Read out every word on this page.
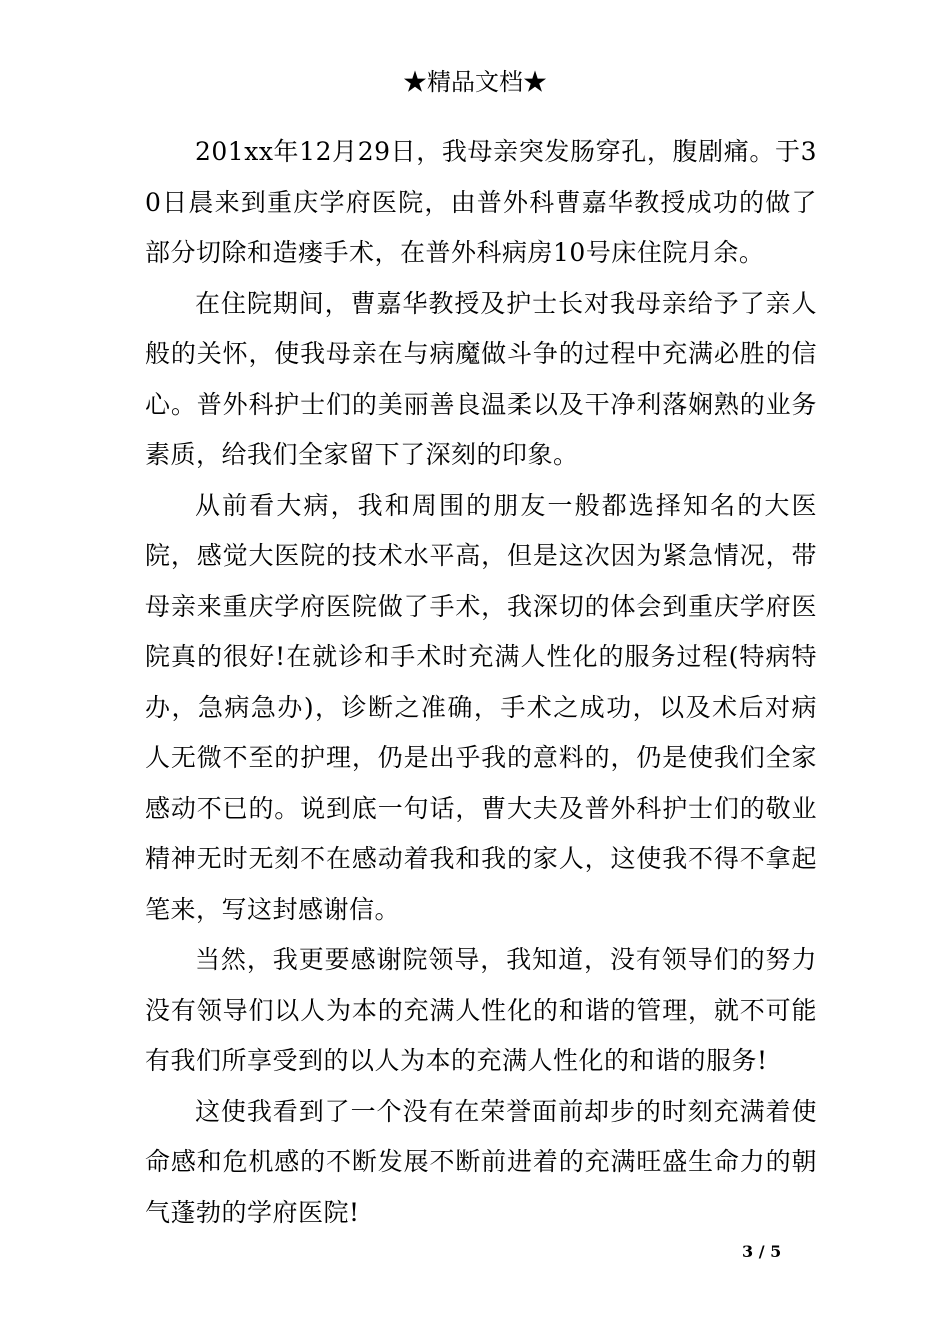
★精品文档★

201xx年12月29日，我母亲突发肠穿孔，腹剧痛。于30日晨来到重庆学府医院，由普外科曹嘉华教授成功的做了部分切除和造瘘手术，在普外科病房10号床住院月余。

在住院期间，曹嘉华教授及护士长对我母亲给予了亲人般的关怀，使我母亲在与病魔做斗争的过程中充满必胜的信心。普外科护士们的美丽善良温柔以及干净利落娴熟的业务素质，给我们全家留下了深刻的印象。

从前看大病，我和周围的朋友一般都选择知名的大医院，感觉大医院的技术水平高，但是这次因为紧急情况，带母亲来重庆学府医院做了手术，我深切的体会到重庆学府医院真的很好!在就诊和手术时充满人性化的服务过程(特病特办，急病急办)，诊断之准确，手术之成功，以及术后对病人无微不至的护理，仍是出乎我的意料的，仍是使我们全家感动不已的。说到底一句话，曹大夫及普外科护士们的敬业精神无时无刻不在感动着我和我的家人，这使我不得不拿起笔来，写这封感谢信。

当然，我更要感谢院领导，我知道，没有领导们的努力没有领导们以人为本的充满人性化的和谐的管理，就不可能有我们所享受到的以人为本的充满人性化的和谐的服务!

这使我看到了一个没有在荣誉面前却步的时刻充满着使命感和危机感的不断发展不断前进着的充满旺盛生命力的朝气蓬勃的学府医院!

3 / 5
